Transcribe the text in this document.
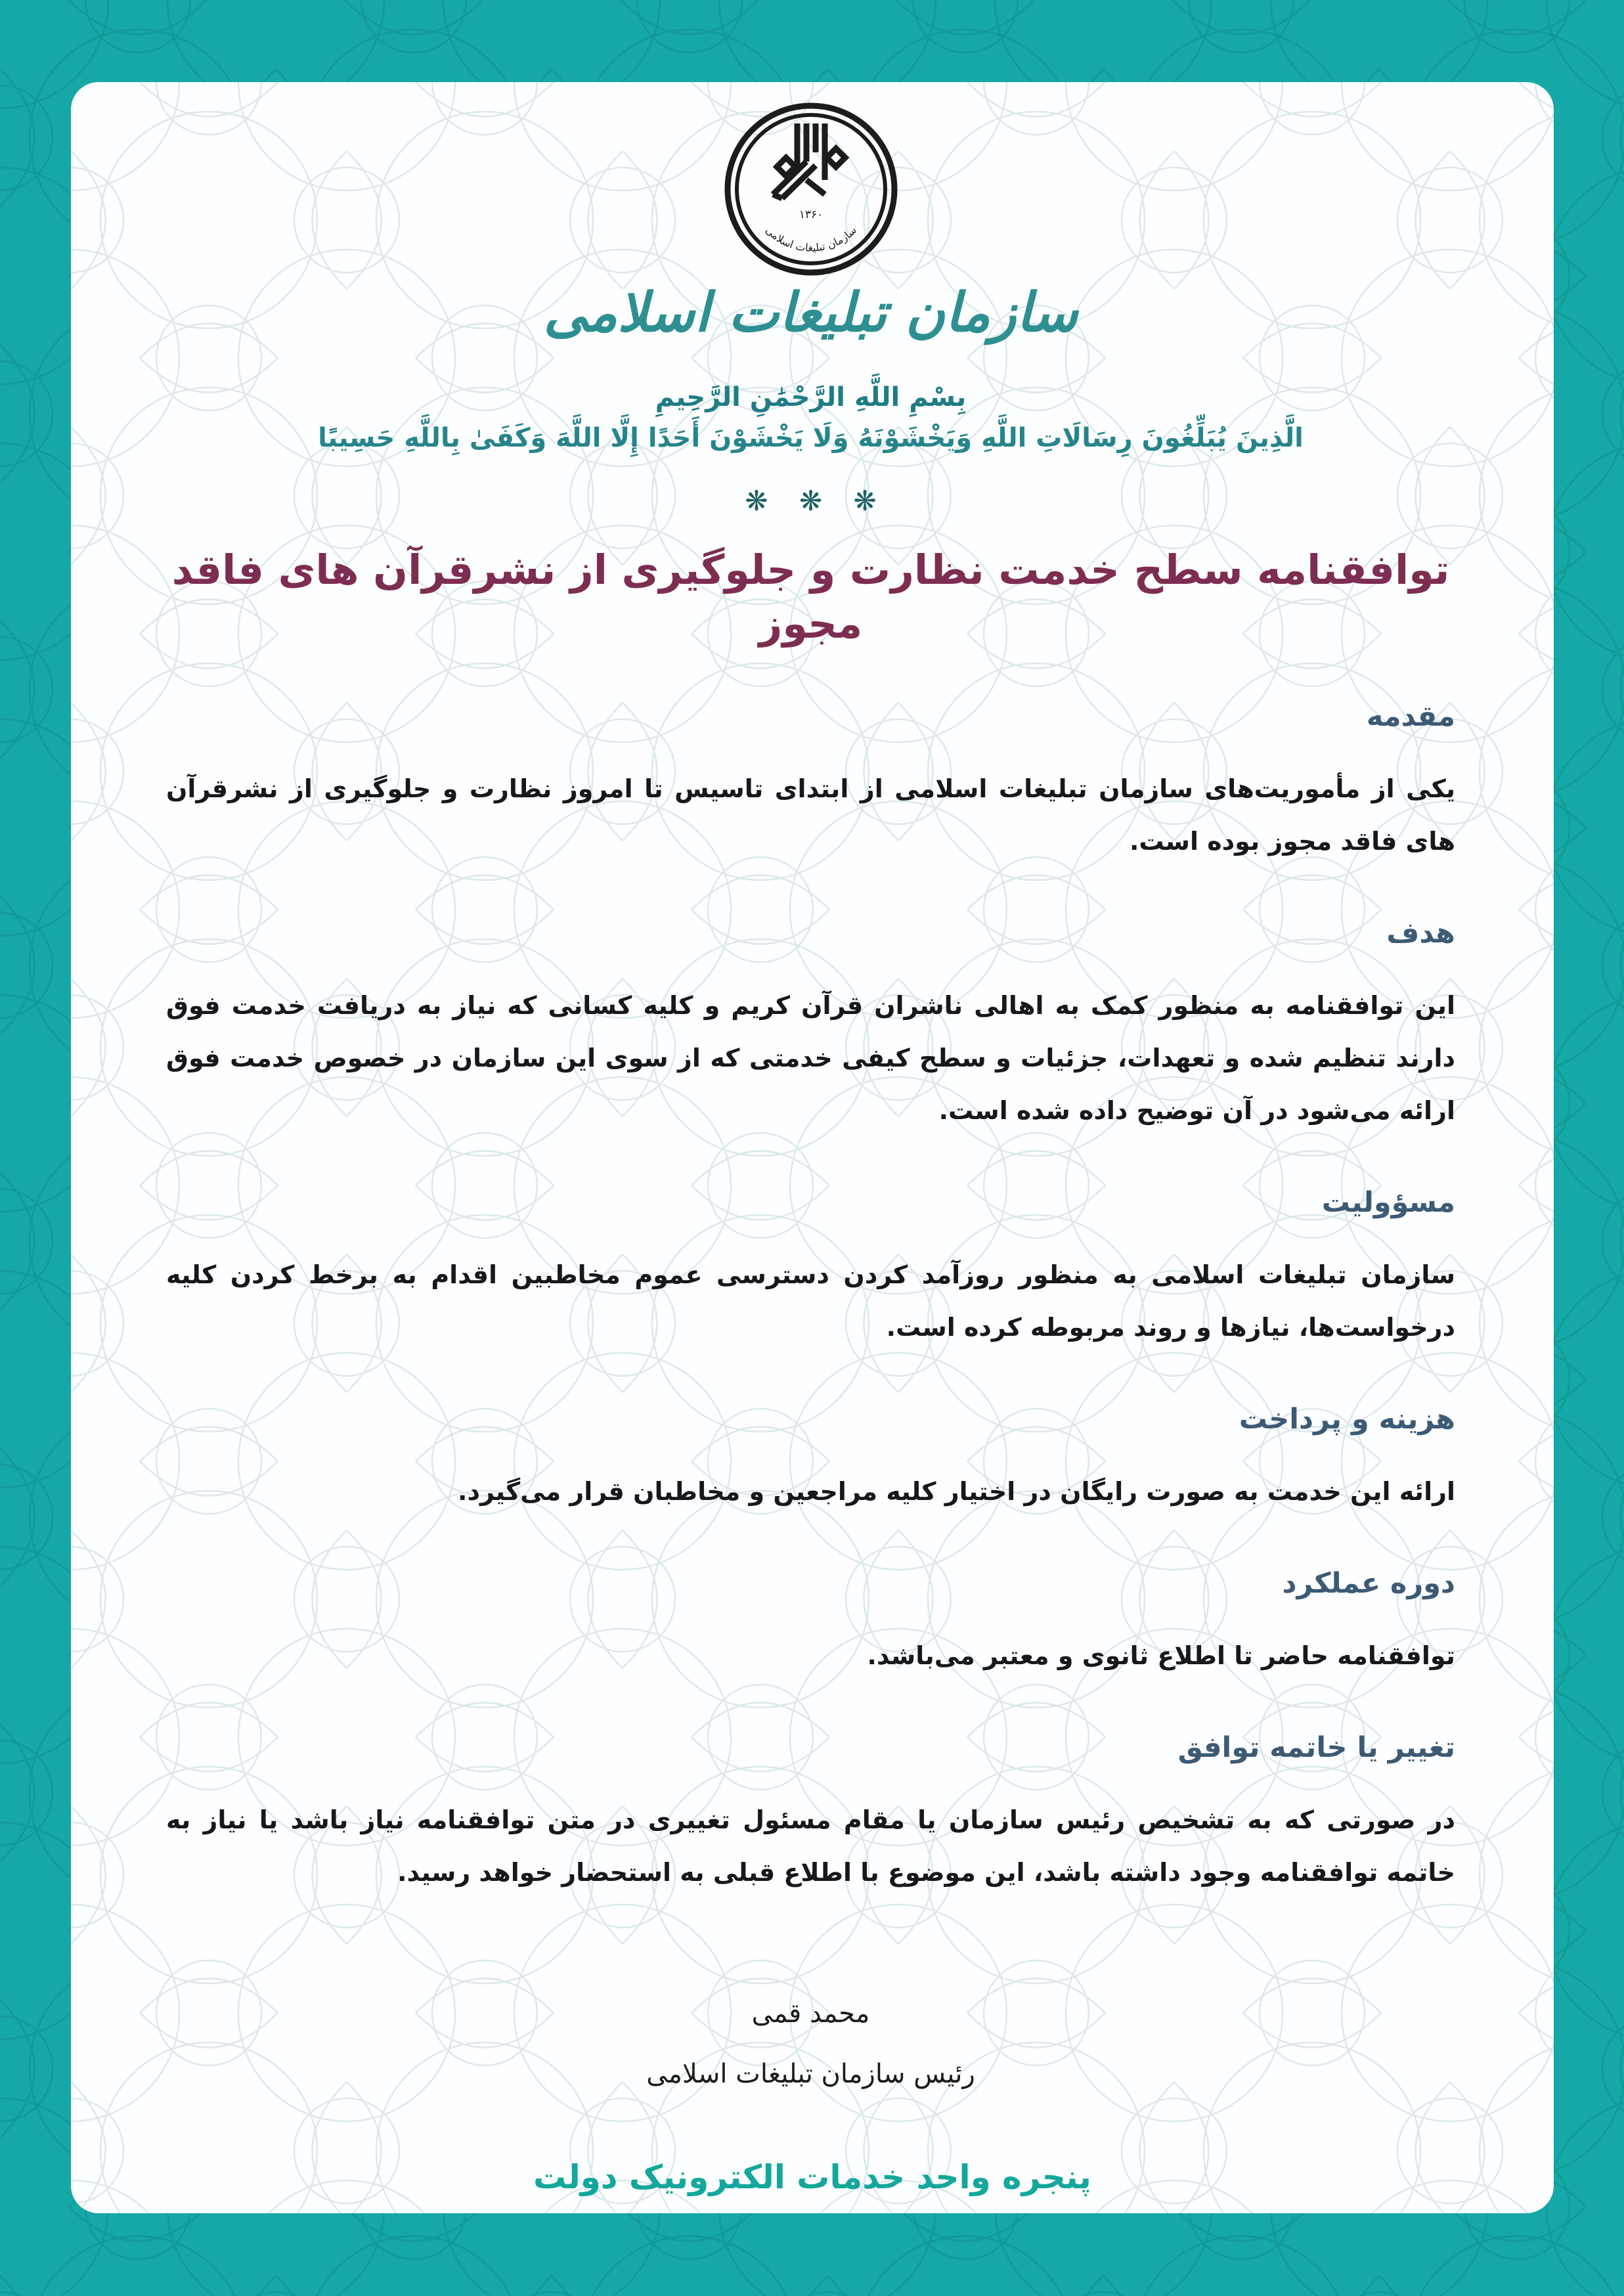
۱۳۶۰
سازمان تبلیغات اسلامی
سازمان تبلیغات اسلامی
بِسْمِ اللَّهِ الرَّحْمَٰنِ الرَّحِيمِ
الَّذِينَ يُبَلِّغُونَ رِسَالَاتِ اللَّهِ وَيَخْشَوْنَهُ وَلَا يَخْشَوْنَ أَحَدًا إِلَّا اللَّهَ وَكَفَىٰ بِاللَّهِ حَسِيبًا
❋ ❋ ❋
توافقنامه سطح خدمت نظارت و جلوگیری از نشرقرآن های فاقد مجوز
مقدمه
یکی از مأموریت‌های سازمان تبلیغات اسلامی از ابتدای تاسیس تا امروز نظارت و جلوگیری از نشرقرآن های فاقد مجوز بوده است.
هدف
این توافقنامه به منظور کمک به اهالی ناشران قرآن کریم و کلیه کسانی که نیاز به دریافت خدمت فوق دارند تنظیم شده و تعهدات، جزئیات و سطح کیفی خدمتی که از سوی این سازمان در خصوص خدمت فوق ارائه می‌شود در آن توضیح داده شده است.
مسؤولیت
سازمان تبلیغات اسلامی به منظور روزآمد کردن دسترسی عموم مخاطبین اقدام به برخط کردن کلیه درخواست‌ها، نیازها و روند مربوطه کرده است.
هزینه و پرداخت
ارائه این خدمت به صورت رایگان در اختیار کلیه مراجعین و مخاطبان قرار می‌گیرد.
دوره عملکرد
توافقنامه حاضر تا اطلاع ثانوی و معتبر می‌باشد.
تغییر یا خاتمه توافق
در صورتی که به تشخیص رئیس سازمان یا مقام مسئول تغییری در متن توافقنامه نیاز باشد یا نیاز به خاتمه توافقنامه وجود داشته باشد، این موضوع با اطلاع قبلی به استحضار خواهد رسید.
محمد قمی
رئیس سازمان تبلیغات اسلامی
پنجره واحد خدمات الکترونیک دولت
